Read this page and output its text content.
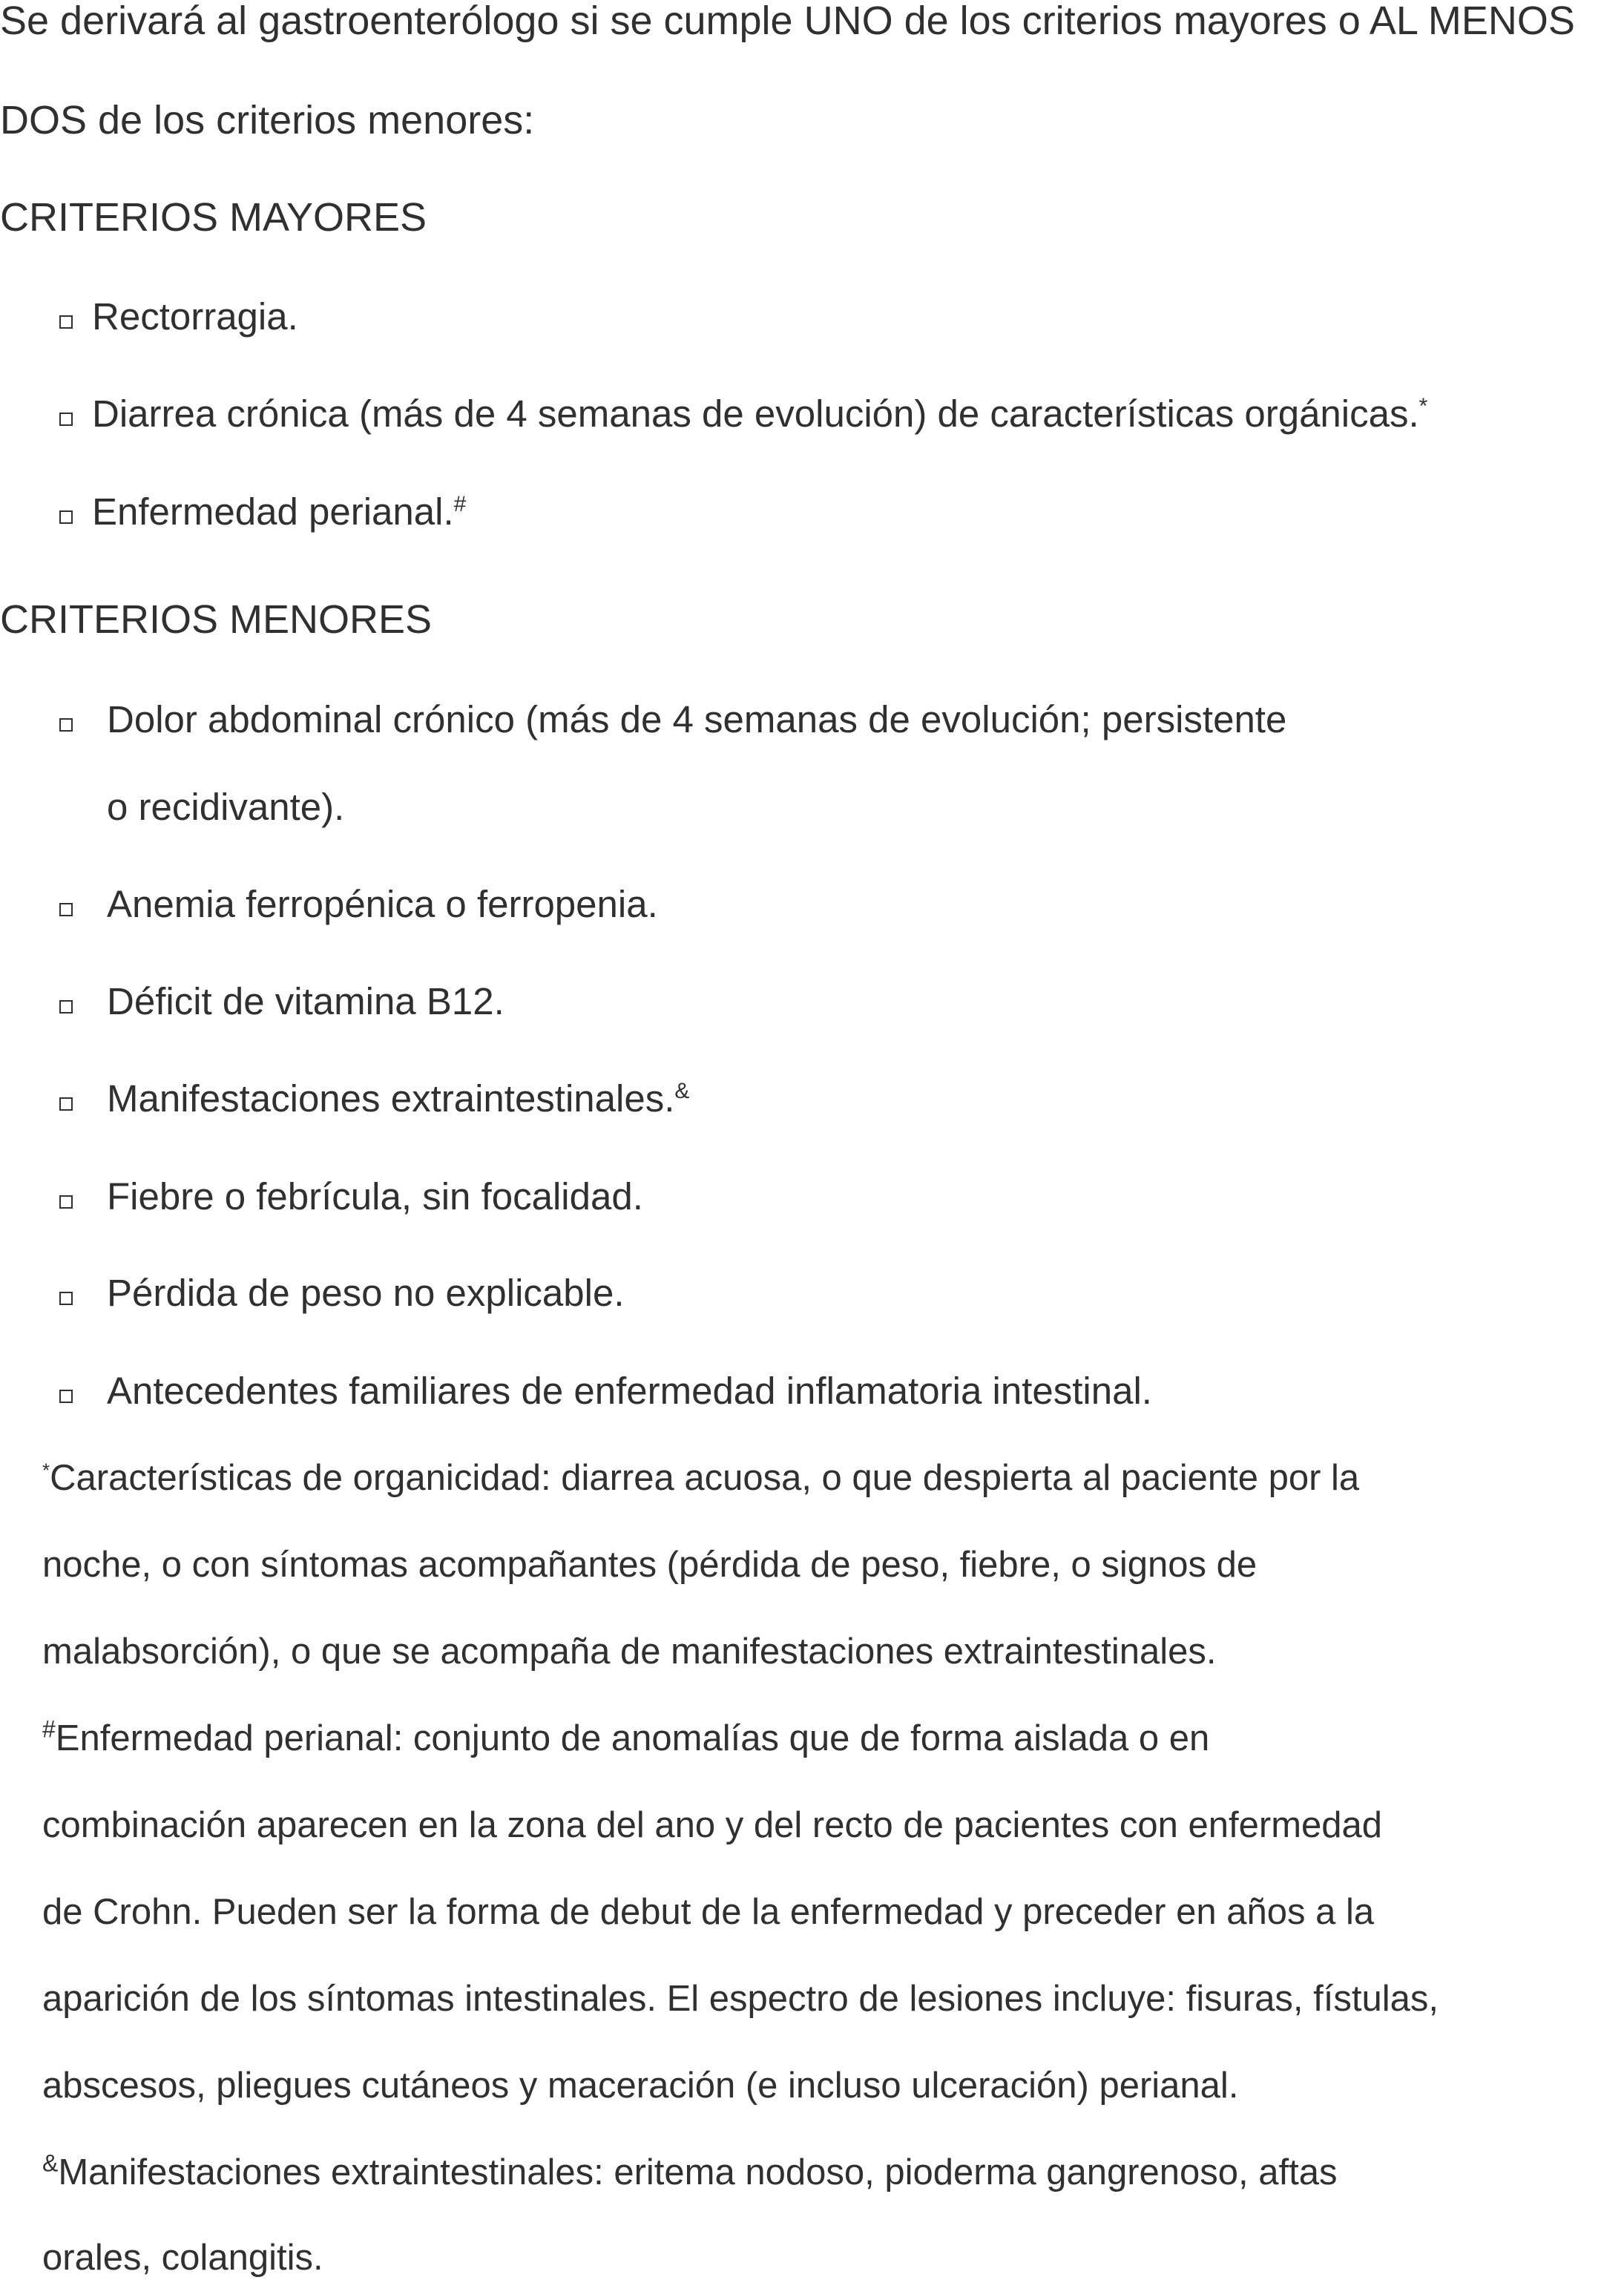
Se derivará al gastroenterólogo si se cumple UNO de los criterios mayores o AL MENOS
DOS de los criterios menores:
CRITERIOS MAYORES
Rectorragia.
Diarrea crónica (más de 4 semanas de evolución) de características orgánicas.*
Enfermedad perianal.#
CRITERIOS MENORES
Dolor abdominal crónico (más de 4 semanas de evolución; persistente
o recidivante).
Anemia ferropénica o ferropenia.
Déficit de vitamina B12.
Manifestaciones extraintestinales.&
Fiebre o febrícula, sin focalidad.
Pérdida de peso no explicable.
Antecedentes familiares de enfermedad inflamatoria intestinal.
*Características de organicidad: diarrea acuosa, o que despierta al paciente por la
noche, o con síntomas acompañantes (pérdida de peso, fiebre, o signos de
malabsorción), o que se acompaña de manifestaciones extraintestinales.
#Enfermedad perianal: conjunto de anomalías que de forma aislada o en
combinación aparecen en la zona del ano y del recto de pacientes con enfermedad
de Crohn. Pueden ser la forma de debut de la enfermedad y preceder en años a la
aparición de los síntomas intestinales. El espectro de lesiones incluye: fisuras, fístulas,
abscesos, pliegues cutáneos y maceración (e incluso ulceración) perianal.
&Manifestaciones extraintestinales: eritema nodoso, pioderma gangrenoso, aftas
orales, colangitis.
